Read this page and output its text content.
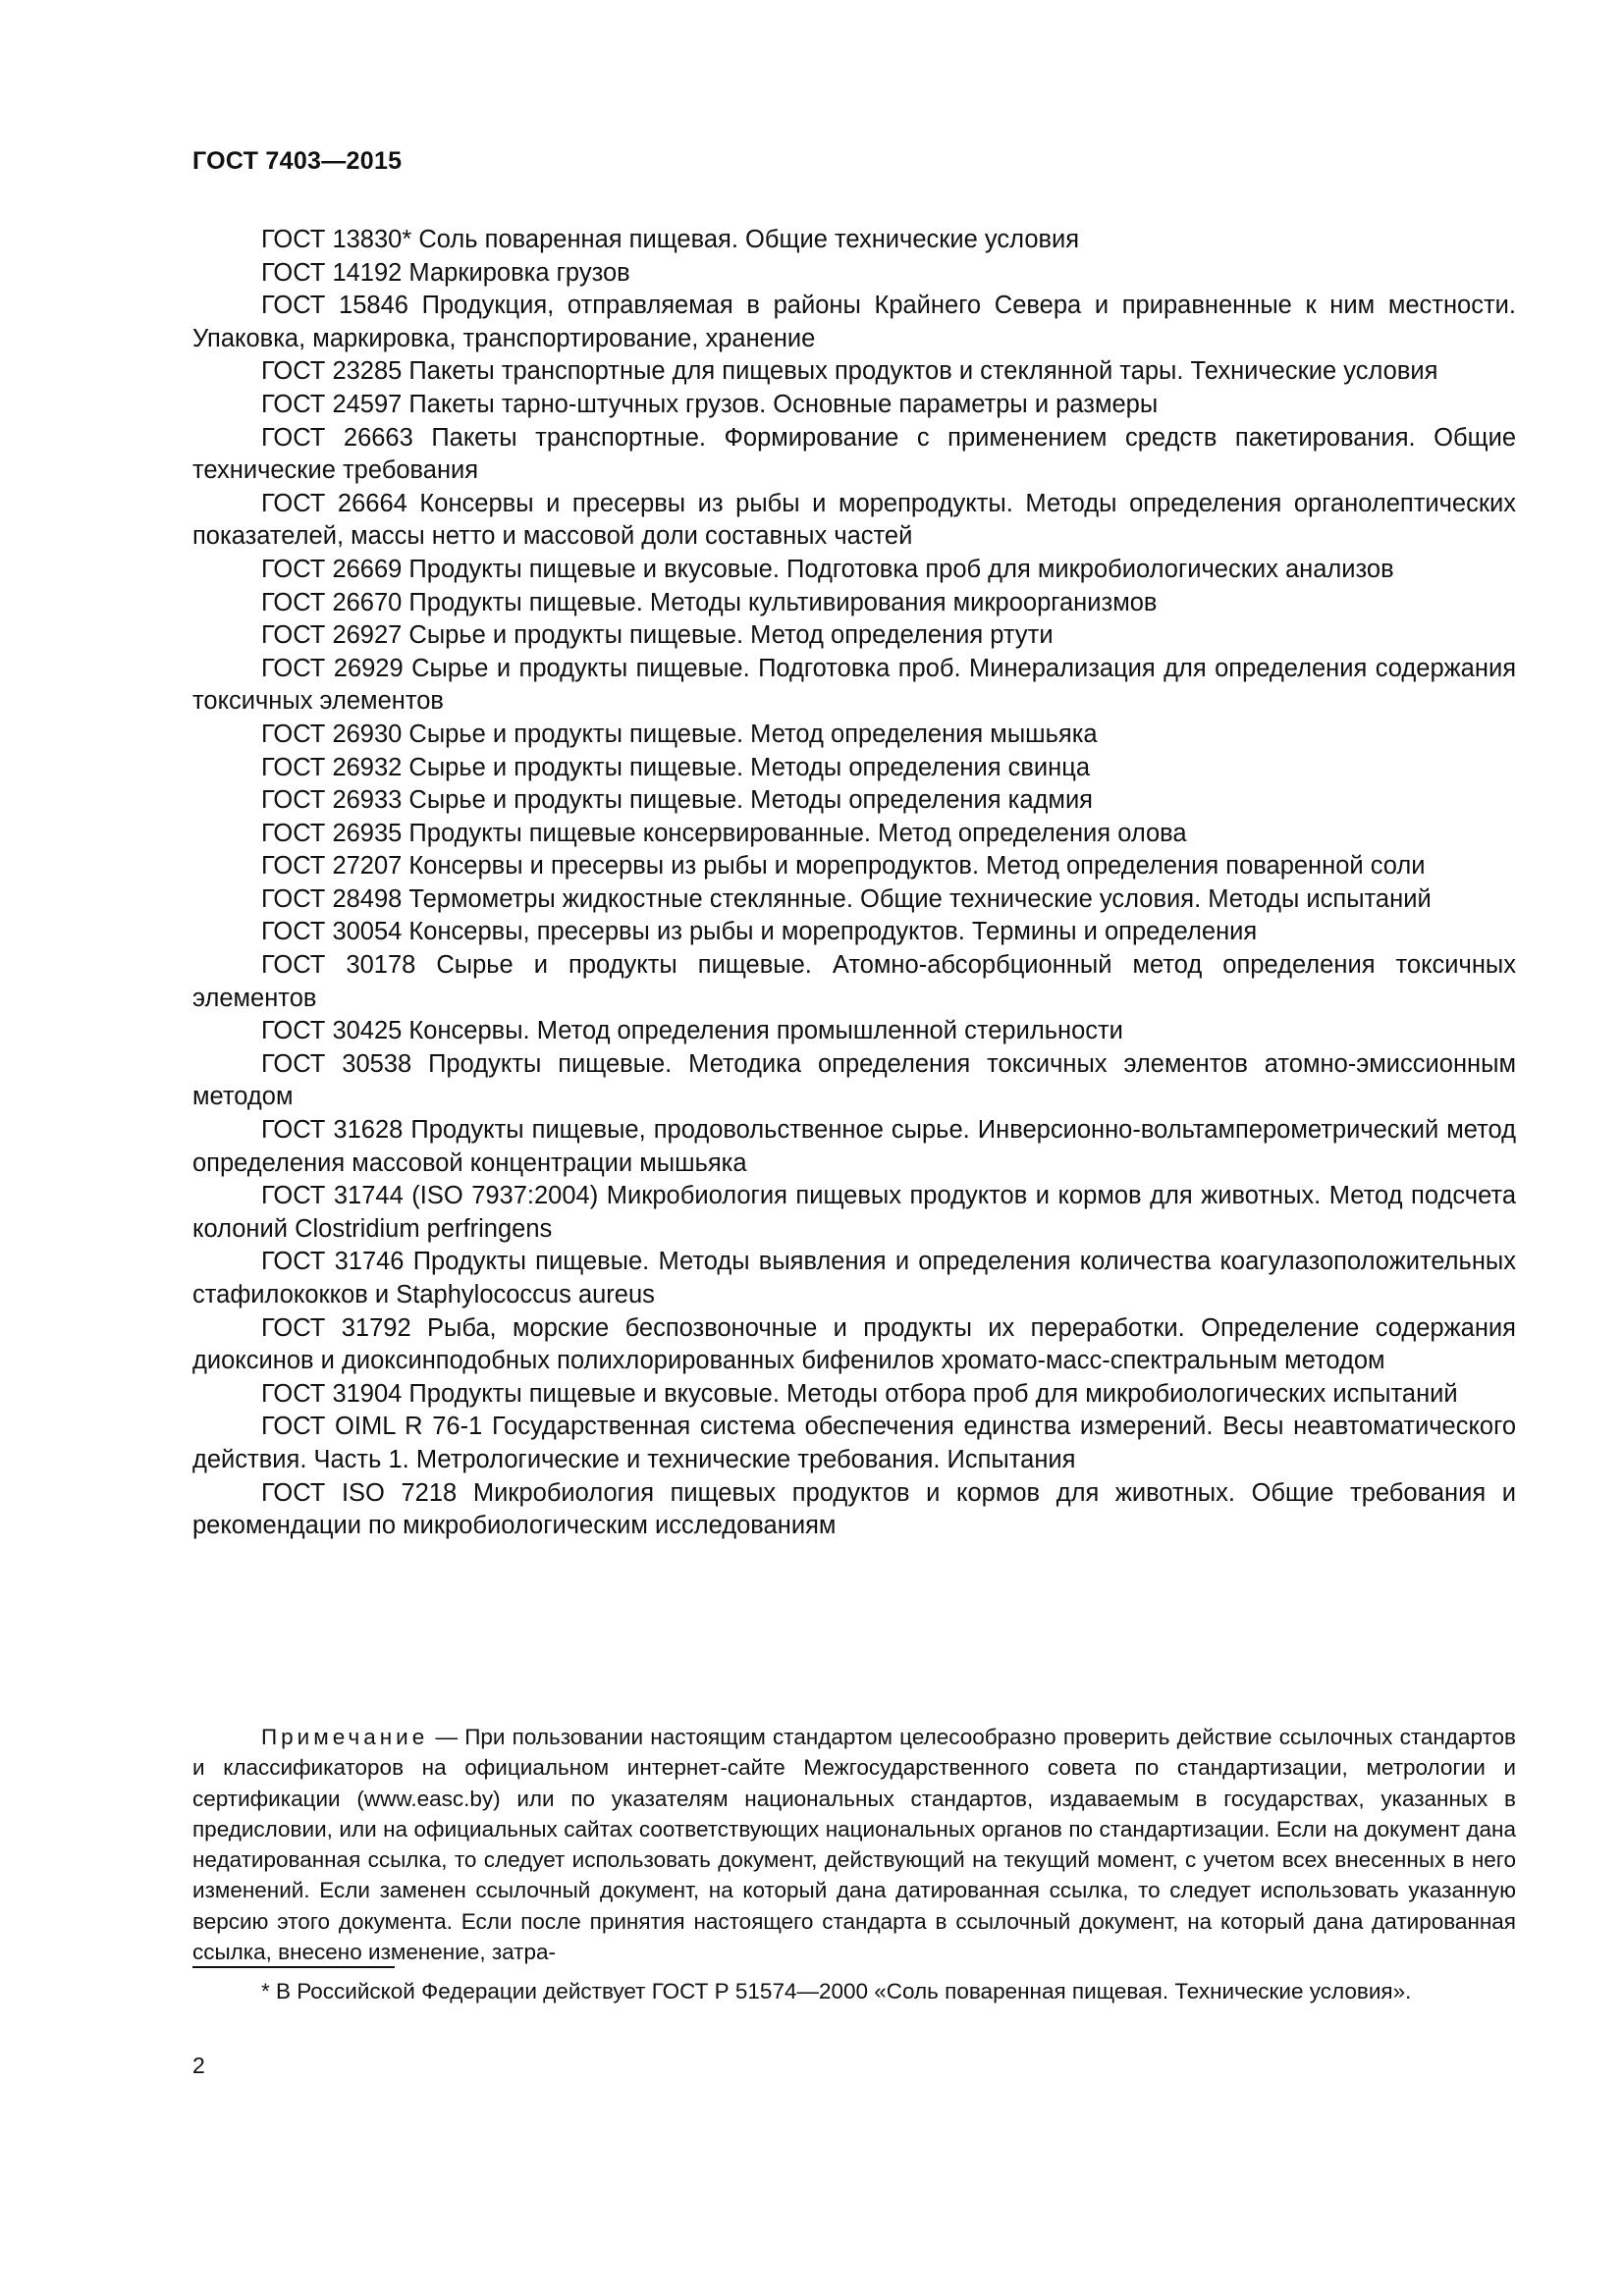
ГОСТ 7403—2015

ГОСТ 13830* Соль поваренная пищевая. Общие технические условия

ГОСТ 14192 Маркировка грузов

ГОСТ 15846 Продукция, отправляемая в районы Крайнего Севера и приравненные к ним местности. Упаковка, маркировка, транспортирование, хранение

ГОСТ 23285 Пакеты транспортные для пищевых продуктов и стеклянной тары. Технические условия

ГОСТ 24597 Пакеты тарно-штучных грузов. Основные параметры и размеры

ГОСТ 26663 Пакеты транспортные. Формирование с применением средств пакетирования. Общие технические требования

ГОСТ 26664 Консервы и пресервы из рыбы и морепродукты. Методы определения органолептических показателей, массы нетто и массовой доли составных частей

ГОСТ 26669 Продукты пищевые и вкусовые. Подготовка проб для микробиологических анализов

ГОСТ 26670 Продукты пищевые. Методы культивирования микроорганизмов

ГОСТ 26927 Сырье и продукты пищевые. Метод определения ртути

ГОСТ 26929 Сырье и продукты пищевые. Подготовка проб. Минерализация для определения содержания токсичных элементов

ГОСТ 26930 Сырье и продукты пищевые. Метод определения мышьяка

ГОСТ 26932 Сырье и продукты пищевые. Методы определения свинца

ГОСТ 26933 Сырье и продукты пищевые. Методы определения кадмия

ГОСТ 26935 Продукты пищевые консервированные. Метод определения олова

ГОСТ 27207 Консервы и пресервы из рыбы и морепродуктов. Метод определения поваренной соли

ГОСТ 28498 Термометры жидкостные стеклянные. Общие технические условия. Методы испытаний

ГОСТ 30054 Консервы, пресервы из рыбы и морепродуктов. Термины и определения

ГОСТ 30178 Сырье и продукты пищевые. Атомно-абсорбционный метод определения токсичных элементов

ГОСТ 30425 Консервы. Метод определения промышленной стерильности

ГОСТ 30538 Продукты пищевые. Методика определения токсичных элементов атомно-эмиссионным методом

ГОСТ 31628 Продукты пищевые, продовольственное сырье. Инверсионно-вольтамперометрический метод определения массовой концентрации мышьяка

ГОСТ 31744 (ISO 7937:2004) Микробиология пищевых продуктов и кормов для животных. Метод подсчета колоний Clostridium perfringens

ГОСТ 31746 Продукты пищевые. Методы выявления и определения количества коагулазоположительных стафилококков и Staphylococcus aureus

ГОСТ 31792 Рыба, морские беспозвоночные и продукты их переработки. Определение содержания диоксинов и диоксинподобных полихлорированных бифенилов хромато-масс-спектральным методом

ГОСТ 31904 Продукты пищевые и вкусовые. Методы отбора проб для микробиологических испытаний

ГОСТ OIML R 76-1 Государственная система обеспечения единства измерений. Весы неавтоматического действия. Часть 1. Метрологические и технические требования. Испытания

ГОСТ ISO 7218 Микробиология пищевых продуктов и кормов для животных. Общие требования и рекомендации по микробиологическим исследованиям

Примечание — При пользовании настоящим стандартом целесообразно проверить действие ссылочных стандартов и классификаторов на официальном интернет-сайте Межгосударственного совета по стандартизации, метрологии и сертификации (www.easc.by) или по указателям национальных стандартов, издаваемым в государствах, указанных в предисловии, или на официальных сайтах соответствующих национальных органов по стандартизации. Если на документ дана недатированная ссылка, то следует использовать документ, действующий на текущий момент, с учетом всех внесенных в него изменений. Если заменен ссылочный документ, на который дана датированная ссылка, то следует использовать указанную версию этого документа. Если после принятия настоящего стандарта в ссылочный документ, на который дана датированная ссылка, внесено изменение, затра-
* В Российской Федерации действует ГОСТ Р 51574—2000 «Соль поваренная пищевая. Технические условия».
2
